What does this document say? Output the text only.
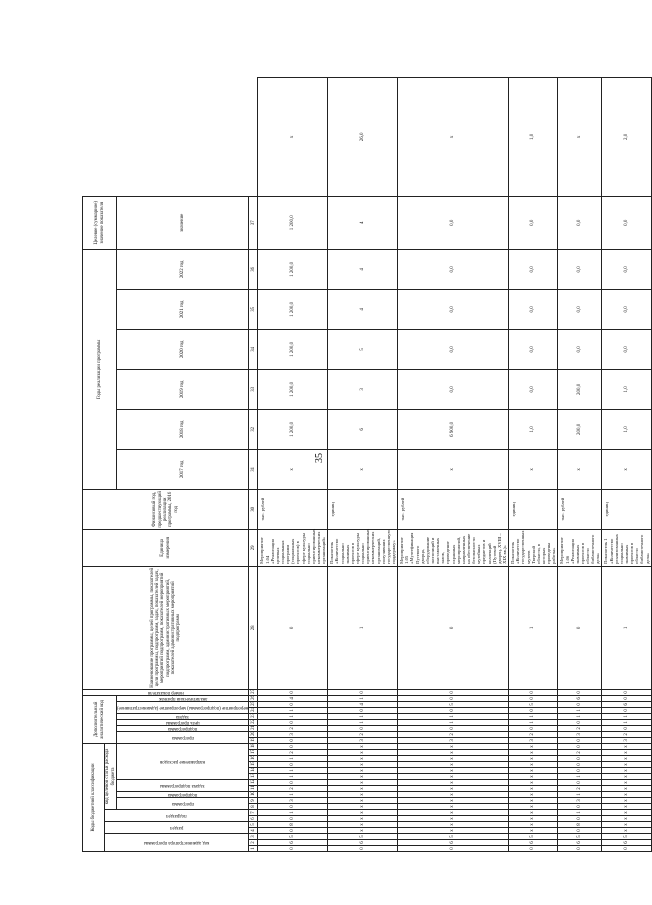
35
Коды бюджетной классификации																		Дополнительный аналитический код								номер показателя	Наименование программы, целей программы, показателей цели программы, подпрограмм, задач, показателей задач, мероприятий подпрограмм, показателей мероприятий подпрограмм, административных мероприятий, показателей административных мероприятий подпрограмм	Единица измерения	Финансовый год, предшествующий реализации программы, 2016 год	Годы реализации программы						Целевое (суммарное) значение показателя	

код администратора программы			раздел		подраздел		код целевой статьи расхода бюджета																														

							программа		подпрограмма	задача подпрограммы		направление расходов						программа		подпрограмма	цель программы	задача	мероприятие (подпрограммы) мероприятие (административное)		аналитический признак					2017 год	2018 год	2019 год	2020 год	2021 год	2022 год	значение	
1	2	3	4	5	6	7	8	9	10	11	12	13	14	15	16	17	18	19	20	21	22	23	24	25	26	27	28	29	30	31	32	33	34	35	36	37	
0	6	5	0	8	0	1	0	3	1	2	0	1	1	0	1	2	0	0	3	2	0	1	1	0	4	0	0	Мероприятие 1.04 «Реализация целевых социальных программ (социальных проектов) в сфере культуры социально ориентированных некоммерческих организаций»	тыс. рублей	х	1 200,0	1 200,0	1 200,0	1 200,0	1 200,0	1 200,0	х
0	6	5	х	х	х	х	х	х	х	х	х	х	х	х	х	х	х	3	2	0	1	1	0	4	1	0	1	Показатель «Количество социально значимых проектов в сфере культуры социально ориентированных некоммерческих организаций, получивших государственную поддержку»	единиц	х	6	3	5	4	4	4	26,0
0	6	5	х	х	х	х	х	х	х	х	х	х	х	х	х	х	х	3	2	0	1	1	0	5	0	0	0	Мероприятие 1.05 «Музеефикация Путевого дворца, оборудование экспозиций и выставочных залов, проведение охранных мероприятий, направленных на обеспечение безопасности музейных предметов и коллекций (Путевой дворец, XVIII – XIX вв.)»	тыс. рублей	х	6 900,0	0,0	0,0	0,0	0,0	0,0	х
0	6	5	х	х	х	х	х	х	х	х	х	х	х	х	х	х	х	3	2	0	1	1	0	5	0	0	1	Показатель «Количество государственных музеев Тверской области, в которых проведены работы»	единиц	х	1,0	0,0	0,0	0,0	0,0	0,0	1,0
0	6	5	0	8	0	1	0	3	1	2	0	1	0	0	0	2	0	0	3	2	0	1	1	0	6	0	0	Мероприятие 1.06 «Реализация значимых проектов в области библиотечного дела»	тыс. рублей	х	200,0	200,0	0,0	0,0	0,0	0,0	х
0	6	5	х	х	х	х	х	х	х	х	х	х	х	х	х	х	х	3	2	0	1	1	0	6	0	0	1	Показатель 1 «Количество реализованных социально значимых проектов в области библиотечного дела»	единиц	х	1,0	1,0	0,0	0,0	0,0	0,0	2,0
